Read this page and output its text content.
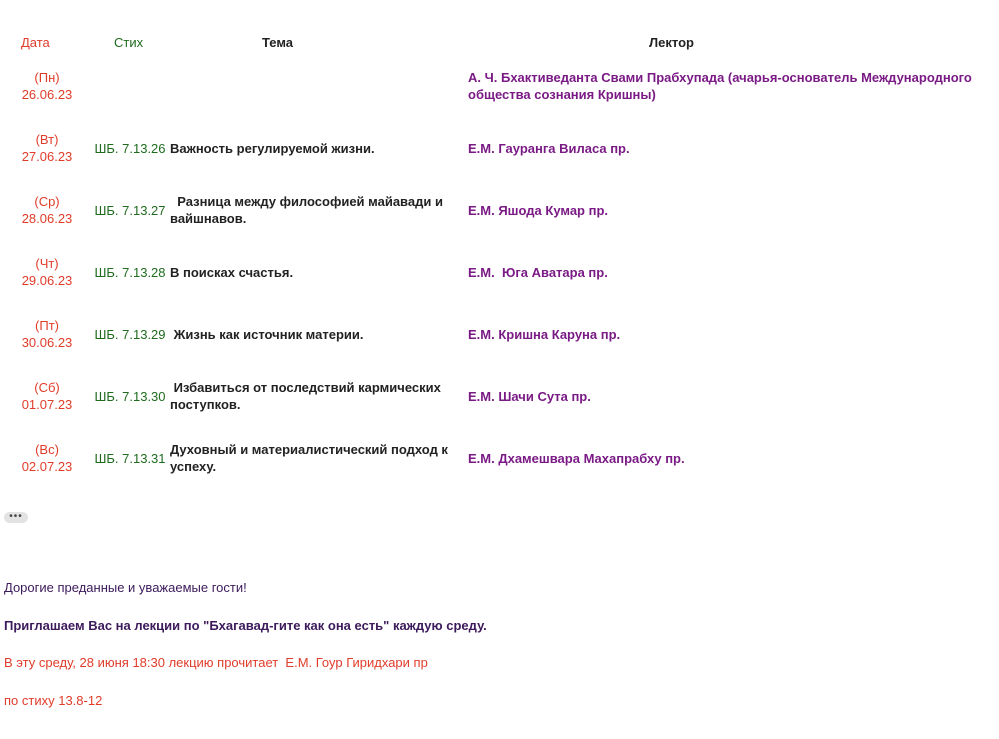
Дата	Стих	Тема	Лектор

(Пн)
26.06.23			А. Ч. Бхактиведанта Свами Прабхупада (ачарья-основатель Международного общества сознания Кришны)

(Вт)
27.06.23	ШБ. 7.13.26	Важность регулируемой жизни.	Е.М. Гауранга Виласа пр.

(Ср)
28.06.23	ШБ. 7.13.27	Разница между философией майавади и вайшнавов.	Е.М. Яшода Кумар пр.

(Чт)
29.06.23	ШБ. 7.13.28	В поисках счастья.	Е.М.  Юга Аватара пр.

(Пт)
30.06.23	ШБ. 7.13.29	Жизнь как источник материи.	Е.М. Кришна Каруна пр.

(Сб)
01.07.23	ШБ. 7.13.30	Избавиться от последствий кармических поступков.	Е.М. Шачи Сута пр.

(Вс)
02.07.23	ШБ. 7.13.31	Духовный и материалистический подход к успеху.	Е.М. Дхамешвара Махапрабху пр.
•••
Дорогие преданные и уважаемые гости!
Приглашаем Вас на лекции по "Бхагавад-гите как она есть" каждую среду.
В эту среду, 28 июня 18:30 лекцию прочитает  Е.М. Гоур Гиридхари пр
по стиху 13.8-12
